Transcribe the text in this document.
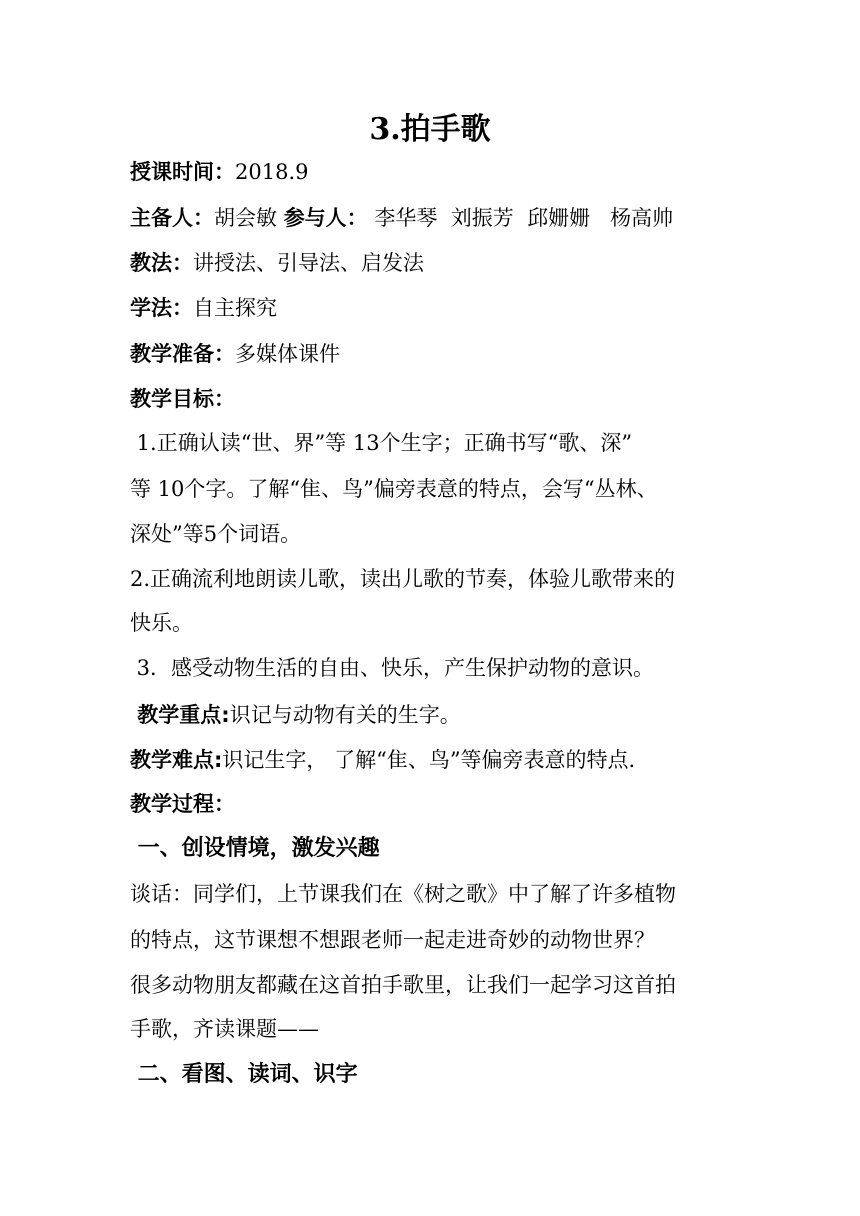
3.拍手歌
授课时间：2018.9
主备人：胡会敏 参与人： 李华琴  刘振芳  邱姗姗   杨高帅
教法：讲授法、引导法、启发法
学法：自主探究
教学准备：多媒体课件
教学目标：
1.正确认读“世、界”等 13个生字；正确书写“歌、深”
等 10个字。了解“隹、鸟”偏旁表意的特点，会写“丛林、
深处”等5个词语。
2.正确流利地朗读儿歌，读出儿歌的节奏，体验儿歌带来的
快乐。
3．感受动物生活的自由、快乐，产生保护动物的意识。
教学重点:识记与动物有关的生字。
教学难点:识记生字， 了解“隹、鸟”等偏旁表意的特点.
教学过程：
一、创设情境，激发兴趣
谈话：同学们，上节课我们在《树之歌》中了解了许多植物
的特点，这节课想不想跟老师一起走进奇妙的动物世界？
很多动物朋友都藏在这首拍手歌里，让我们一起学习这首拍
手歌，齐读课题——
二、看图、读词、识字
